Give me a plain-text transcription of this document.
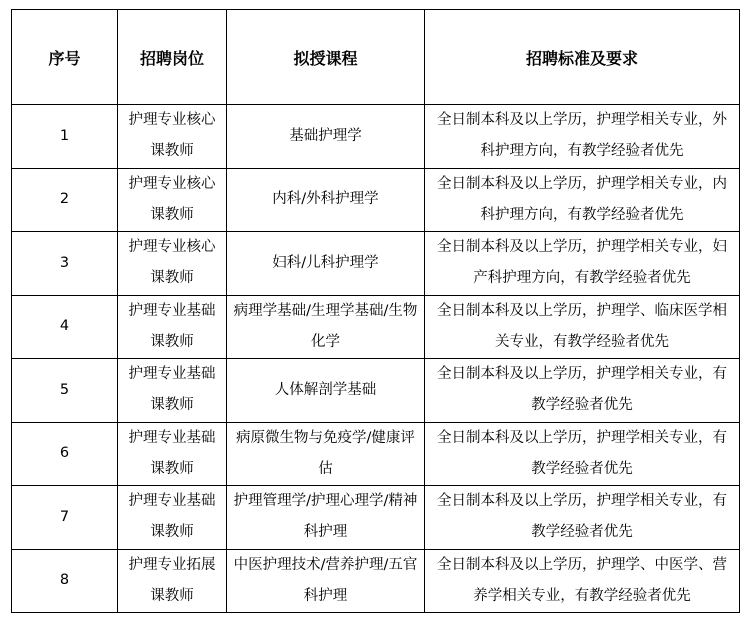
序号	招聘岗位	拟授课程	招聘标准及要求
1	护理专业核心课教师	基础护理学	全日制本科及以上学历，护理学相关专业，外科护理方向，有教学经验者优先
2	护理专业核心课教师	内科/外科护理学	全日制本科及以上学历，护理学相关专业，内科护理方向，有教学经验者优先
3	护理专业核心课教师	妇科/儿科护理学	全日制本科及以上学历，护理学相关专业，妇产科护理方向，有教学经验者优先
4	护理专业基础课教师	病理学基础/生理学基础/生物化学	全日制本科及以上学历，护理学、临床医学相关专业，有教学经验者优先
5	护理专业基础课教师	人体解剖学基础	全日制本科及以上学历，护理学相关专业，有教学经验者优先
6	护理专业基础课教师	病原微生物与免疫学/健康评估	全日制本科及以上学历，护理学相关专业，有教学经验者优先
7	护理专业基础课教师	护理管理学/护理心理学/精神科护理	全日制本科及以上学历，护理学相关专业，有教学经验者优先
8	护理专业拓展课教师	中医护理技术/营养护理/五官科护理	全日制本科及以上学历，护理学、中医学、营养学相关专业，有教学经验者优先
